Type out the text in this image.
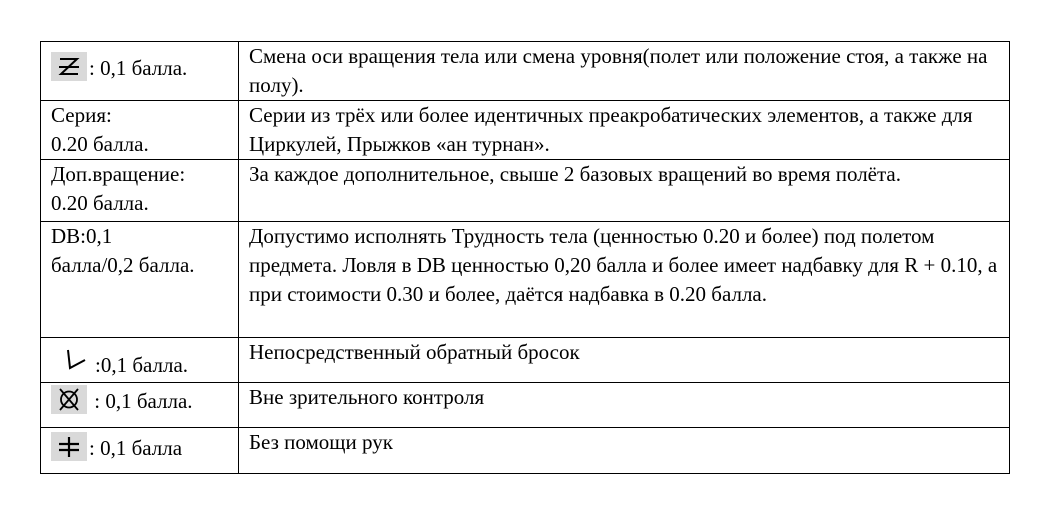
: 0,1 балла.	Смена оси вращения тела или смена уровня(полет или положение стоя, а также на полу).
Серия:
0.20 балла.	Серии из трёх или более идентичных преакробатических элементов, а также для Циркулей, Прыжков «ан турнан».
Доп.вращение:
0.20 балла.	За каждое дополнительное, свыше 2 базовых вращений во время полёта.
DB:0,1
балла/0,2 балла.	Допустимо исполнять Трудность тела (ценностью 0.20 и более) под полетом предмета. Ловля в DB ценностью 0,20 балла и более имеет надбавку для R + 0.10, а при стоимости 0.30 и более, даётся надбавка в 0.20 балла.

:0,1 балла.	Непосредственный обратный бросок

: 0,1 балла.	Вне зрительного контроля

: 0,1 балла	Без помощи рук
